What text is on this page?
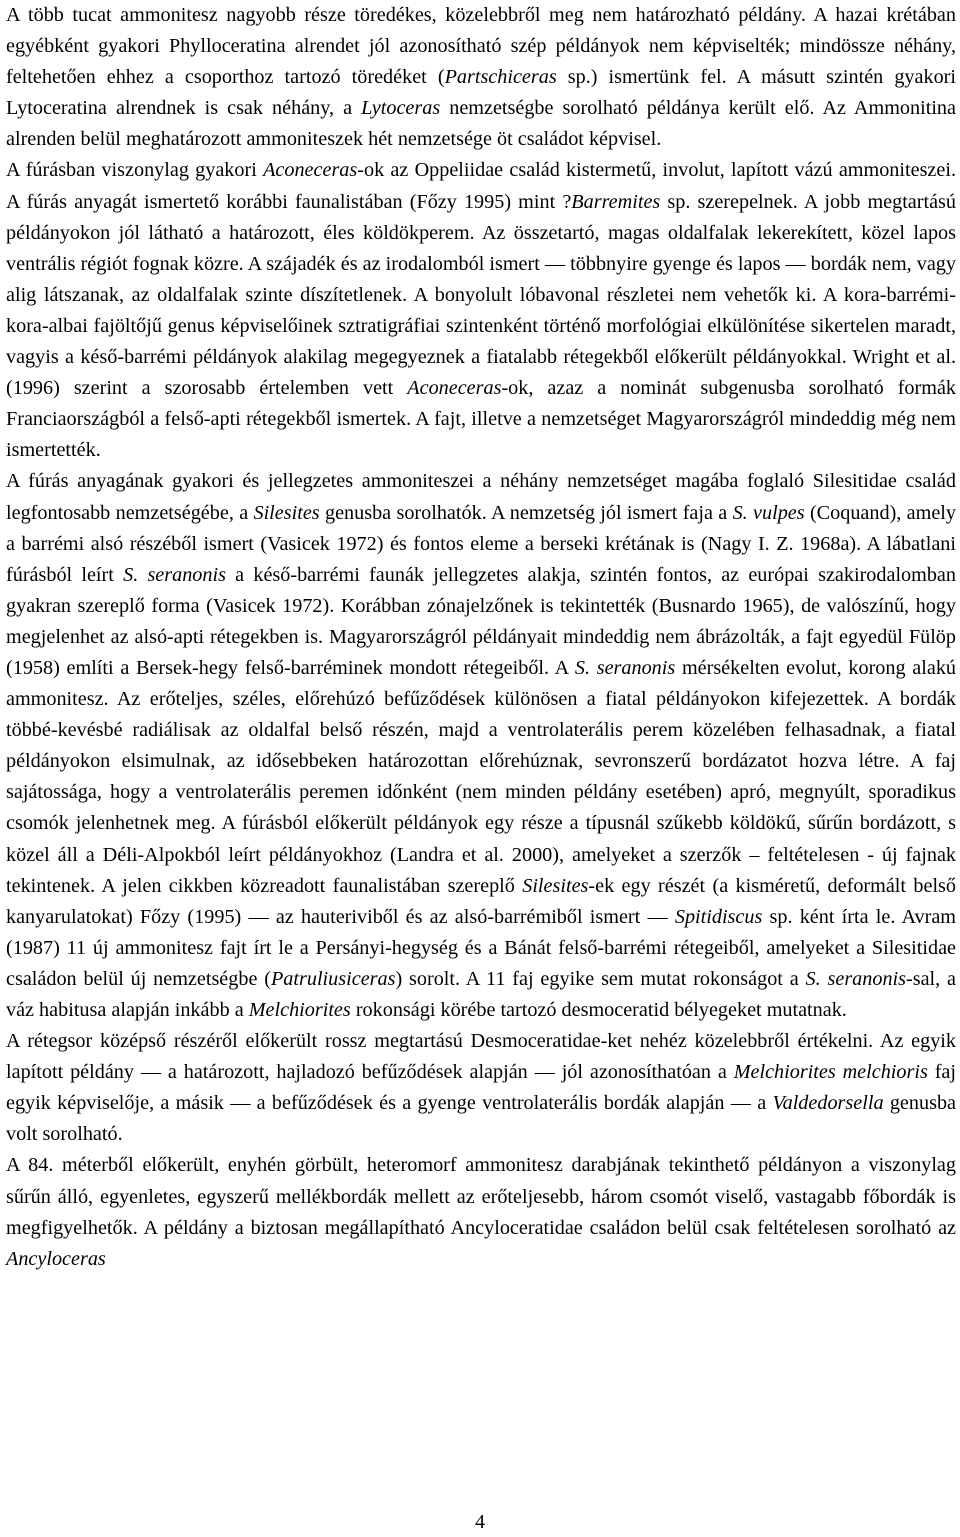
A több tucat ammonitesz nagyobb része töredékes, közelebbről meg nem határozható példány. A hazai krétában egyébként gyakori Phylloceratina alrendet jól azonosítható szép példányok nem képviselték; mindössze néhány, feltehetően ehhez a csoporthoz tartozó töredéket (Partschiceras sp.) ismertünk fel. A másutt szintén gyakori Lytoceratina alrendnek is csak néhány, a Lytoceras nemzetségbe sorolható példánya került elő. Az Ammonitina alrenden belül meghatározott ammoniteszek hét nemzetsége öt családot képvisel.

A fúrásban viszonylag gyakori Aconeceras-ok az Oppeliidae család kistermetű, involut, lapított vázú ammoniteszei. A fúrás anyagát ismertető korábbi faunalistában (Főzy 1995) mint ?Barremites sp. szerepelnek. A jobb megtartású példányokon jól látható a határozott, éles köldökperem. Az összetartó, magas oldalfalak lekerekített, közel lapos ventrális régiót fognak közre. A szájadék és az irodalomból ismert — többnyire gyenge és lapos — bordák nem, vagy alig látszanak, az oldalfalak szinte díszítetlenek. A bonyolult lóbavonal részletei nem vehetők ki. A kora-barrémi-kora-albai fajöltőjű genus képviselőinek sztratigráfiai szintenként történő morfológiai elkülönítése sikertelen maradt, vagyis a késő-barrémi példányok alakilag megegyeznek a fiatalabb rétegekből előkerült példányokkal. Wright et al. (1996) szerint a szorosabb értelemben vett Aconeceras-ok, azaz a nominát subgenusba sorolható formák Franciaországból a felső-apti rétegekből ismertek. A fajt, illetve a nemzetséget Magyarországról mindeddig még nem ismertették.

A fúrás anyagának gyakori és jellegzetes ammoniteszei a néhány nemzetséget magába foglaló Silesitidae család legfontosabb nemzetségébe, a Silesites genusba sorolhatók. A nemzetség jól ismert faja a S. vulpes (Coquand), amely a barrémi alsó részéből ismert (Vasicek 1972) és fontos eleme a berseki krétának is (Nagy I. Z. 1968a). A lábatlani fúrásból leírt S. seranonis a késő-barrémi faunák jellegzetes alakja, szintén fontos, az európai szakirodalomban gyakran szereplő forma (Vasicek 1972). Korábban zónajelzőnek is tekintették (Busnardo 1965), de valószínű, hogy megjelenhet az alsó-apti rétegekben is. Magyarországról példányait mindeddig nem ábrázolták, a fajt egyedül Fülöp (1958) említi a Bersek-hegy felső-barréminek mondott rétegeiből. A S. seranonis mérsékelten evolut, korong alakú ammonitesz. Az erőteljes, széles, előrehúzó befűződések különösen a fiatal példányokon kifejezettek. A bordák többé-kevésbé radiálisak az oldalfal belső részén, majd a ventrolaterális perem közelében felhasadnak, a fiatal példányokon elsimulnak, az idősebbeken határozottan előrehúznak, sevronszerű bordázatot hozva létre. A faj sajátossága, hogy a ventrolaterális peremen időnként (nem minden példány esetében) apró, megnyúlt, sporadikus csomók jelenhetnek meg. A fúrásból előkerült példányok egy része a típusnál szűkebb köldökű, sűrűn bordázott, s közel áll a Déli-Alpokból leírt példányokhoz (Landra et al. 2000), amelyeket a szerzők – feltételesen - új fajnak tekintenek. A jelen cikkben közreadott faunalistában szereplő Silesites-ek egy részét (a kisméretű, deformált belső kanyarulatokat) Főzy (1995) — az hauteriviből és az alsó-barrémiből ismert — Spitidiscus sp. ként írta le. Avram (1987) 11 új ammonitesz fajt írt le a Persányi-hegység és a Bánát felső-barrémi rétegeiből, amelyeket a Silesitidae családon belül új nemzetségbe (Patruliusiceras) sorolt. A 11 faj egyike sem mutat rokonságot a S. seranonis-sal, a váz habitusa alapján inkább a Melchiorites rokonsági körébe tartozó desmoceratid bélyegeket mutatnak.

A rétegsor középső részéről előkerült rossz megtartású Desmoceratidae-ket nehéz közelebbről értékelni. Az egyik lapított példány — a határozott, hajladozó befűződések alapján — jól azonosíthatóan a Melchiorites melchioris faj egyik képviselője, a másik — a befűződések és a gyenge ventrolaterális bordák alapján — a Valdedorsella genusba volt sorolható.

A 84. méterből előkerült, enyhén görbült, heteromorf ammonitesz darabjának tekinthető példányon a viszonylag sűrűn álló, egyenletes, egyszerű mellékbordák mellett az erőteljesebb, három csomót viselő, vastagabb főbordák is megfigyelhetők. A példány a biztosan megállapítható Ancyloceratidae családon belül csak feltételesen sorolható az Ancyloceras

4
